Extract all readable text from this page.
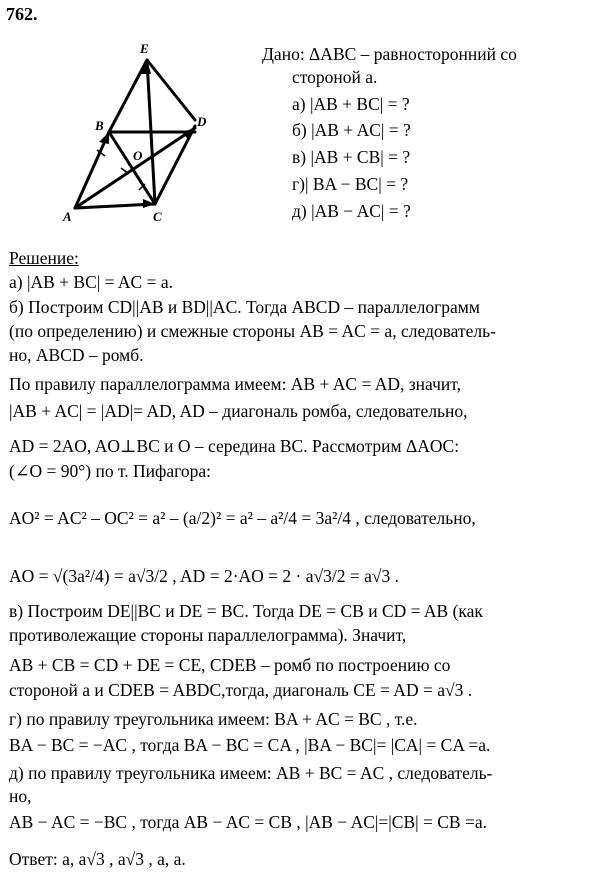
762.
E
B	D
O
A	C
Дано: ΔABC – равносторонний со
стороной a.
а) |AB + BC| = ?
б) |AB + AC| = ?
в) |AB + CB| = ?
г)| BA − BC| = ?
д) |AB − AC| = ?
Решение:
а) |AB + BC| = AC = a.
б) Построим CD||AB и BD||AC. Тогда ABCD – параллелограмм
(по определению) и смежные стороны AB = AC = a, следователь-
но, ABCD – ромб.
По правилу параллелограмма имеем: AB + AC = AD, значит,
|AB + AC| = |AD|= AD, AD – диагональ ромба, следовательно,
AD = 2AO, AO⊥BC и O – середина BC. Рассмотрим ΔAOC:
(∠O = 90°) по т. Пифагора:
AO² = AC² – OC² = a² – (a/2)² = a² – a²/4 = 3a²/4 , следовательно,
AO = √(3a²/4) = a√3/2 , AD = 2·AO = 2 · a√3/2 = a√3 .
в) Построим DE||BC и DE = BC. Тогда DE = CB и CD = AB (как
противолежащие стороны параллелограмма). Значит,
AB + CB = CD + DE = CE, CDEB – ромб по построению со
стороной a и CDEB = ABDC,тогда, диагональ CE = AD = a√3 .
г) по правилу треугольника имеем: BA + AC = BC , т.е.
BA − BC = −AC , тогда BA − BC = CA , |BA − BC|= |CA| = CA =a.
д) по правилу треугольника имеем: AB + BC = AC , следователь-
но,
AB − AC = −BC , тогда AB − AC = CB , |AB − AC|=|CB| = CB =a.
Ответ: a, a√3 , a√3 , a, a.
